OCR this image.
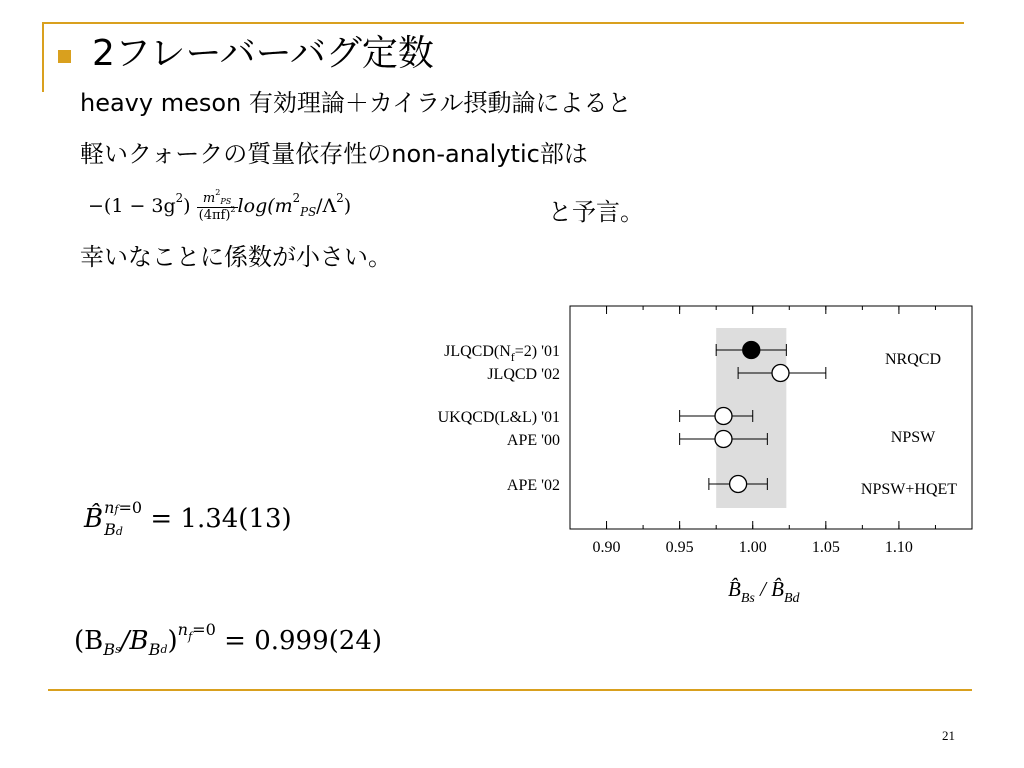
2フレーバーバグ定数
heavy meson 有効理論＋カイラル摂動論によると
軽いクォークの質量依存性のnon-analytic部は
$-(1 - 3g^2) \frac{m^2_{PS}}{(4\pi f)^2} \log(m^2_{PS}/\Lambda^2)$	と予言。
幸いなことに係数が小さい。
B̂ nf=0
Bd	= 1.34(13)
$(B_Bs/B_Bd)^{nf=0} = 0.999(24)$
0.90	0.95	1.00	1.05	1.10
$JLQCD(N_f=2)$ '01
JLQCD '02
UKQCD(L&L) '01
APE '00
APE '02
NRQCD
NPSW
NPSW+HQET
$B̂_{Bs}$ / $B̂_{Bd}$
21
